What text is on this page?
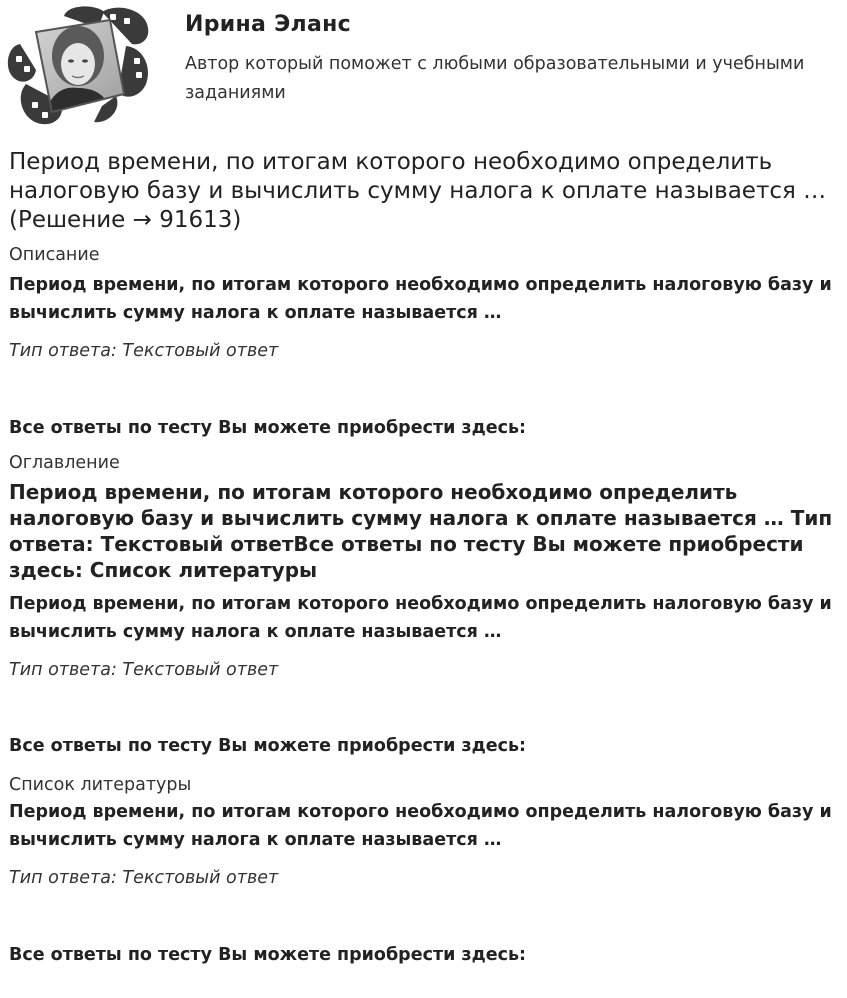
Ирина Эланс
Автор который поможет с любыми образовательными и учебными заданиями
Период времени, по итогам которого необходимо определить налоговую базу и вычислить сумму налога к оплате называется … (Решение → 91613)

Описание

Период времени, по итогам которого необходимо определить налоговую базу и вычислить сумму налога к оплате называется …

Тип ответа: Текстовый ответ

Все ответы по тесту Вы можете приобрести здесь:

Оглавление

Период времени, по итогам которого необходимо определить налоговую базу и вычислить сумму налога к оплате называется … Тип ответа: Текстовый ответВсе ответы по тесту Вы можете приобрести здесь: Список литературы

Период времени, по итогам которого необходимо определить налоговую базу и вычислить сумму налога к оплате называется …

Тип ответа: Текстовый ответ

Все ответы по тесту Вы можете приобрести здесь:

Список литературы

Период времени, по итогам которого необходимо определить налоговую базу и вычислить сумму налога к оплате называется …

Тип ответа: Текстовый ответ

Все ответы по тесту Вы можете приобрести здесь:
